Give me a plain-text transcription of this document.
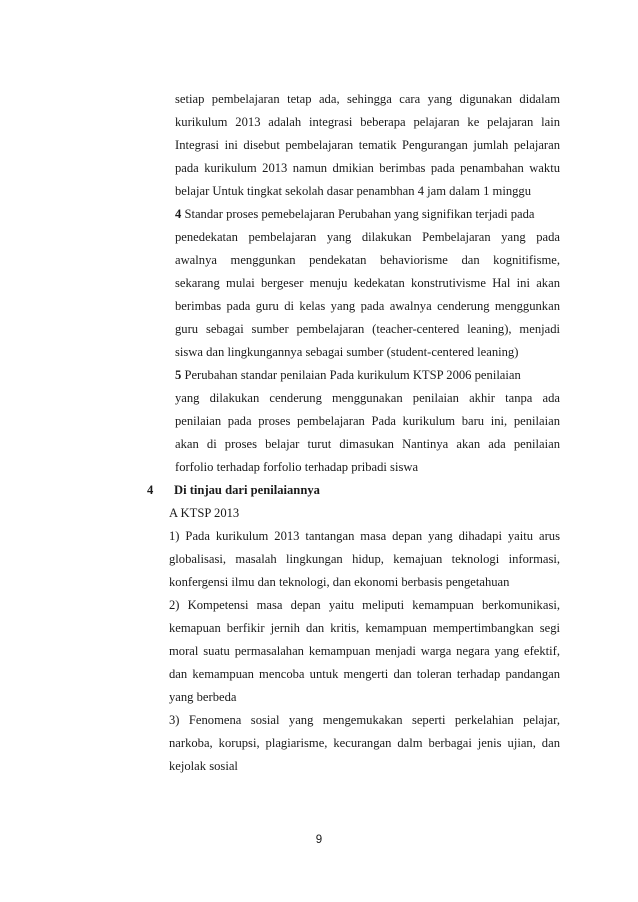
setiap pembelajaran tetap ada, sehingga cara yang digunakan didalam
kurikulum 2013 adalah integrasi beberapa pelajaran ke pelajaran lain
Integrasi ini disebut pembelajaran tematik Pengurangan jumlah pelajaran
pada kurikulum 2013 namun dmikian berimbas pada penambahan waktu
belajar Untuk tingkat sekolah dasar penambhan 4 jam dalam 1 minggu
4 Standar proses pemebelajaran Perubahan yang signifikan terjadi pada
penedekatan pembelajaran yang dilakukan Pembelajaran yang pada
awalnya menggunkan pendekatan behaviorisme dan kognitifisme,
sekarang mulai bergeser menuju kedekatan konstrutivisme Hal ini akan
berimbas pada guru di kelas yang pada awalnya cenderung menggunkan
guru sebagai sumber pembelajaran (teacher-centered leaning), menjadi
siswa dan lingkungannya sebagai sumber (student-centered leaning)
5 Perubahan standar penilaian Pada kurikulum KTSP 2006 penilaian
yang dilakukan cenderung menggunakan penilaian akhir tanpa ada
penilaian pada proses pembelajaran Pada kurikulum baru ini, penilaian
akan di proses belajar turut dimasukan Nantinya akan ada penilaian
forfolio terhadap forfolio terhadap pribadi siswa
4 Di tinjau dari penilaiannya
A KTSP 2013
1) Pada kurikulum 2013 tantangan masa depan yang dihadapi yaitu arus
globalisasi, masalah lingkungan hidup, kemajuan teknologi informasi,
konfergensi ilmu dan teknologi, dan ekonomi berbasis pengetahuan
2) Kompetensi masa depan yaitu meliputi kemampuan berkomunikasi,
kemapuan berfikir jernih dan kritis, kemampuan mempertimbangkan segi
moral suatu permasalahan kemampuan menjadi warga negara yang efektif,
dan kemampuan mencoba untuk mengerti dan toleran terhadap pandangan
yang berbeda
3) Fenomena sosial yang mengemukakan seperti perkelahian pelajar,
narkoba, korupsi, plagiarisme, kecurangan dalm berbagai jenis ujian, dan
kejolak sosial
9
